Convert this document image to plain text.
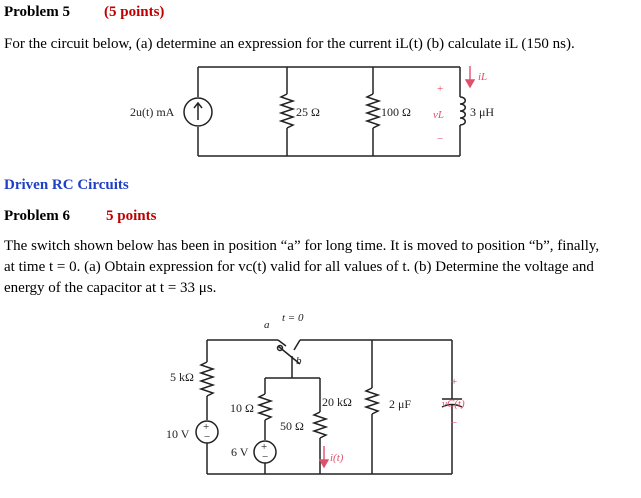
Problem 5 (5 points)
For the circuit below, (a) determine an expression for the current iL(t) (b) calculate iL (150 ns).
2u(t) mA	25 Ω	100 Ω vL 3 μH
iL
+
−
Driven RC Circuits
Problem 6 5 points
The switch shown below has been in position “a” for long time. It is moved to position “b”, finally,
at time t = 0. (a) Obtain expression for vc(t) valid for all values of t. (b) Determine the voltage and
energy of the capacitor at t = 33 μs.
+
−
+
−
t = 0
a
b
5 kΩ
10 Ω
50 Ω
20 kΩ	2 μF	vC(t)
+
−
10 V
6 V	i(t)
